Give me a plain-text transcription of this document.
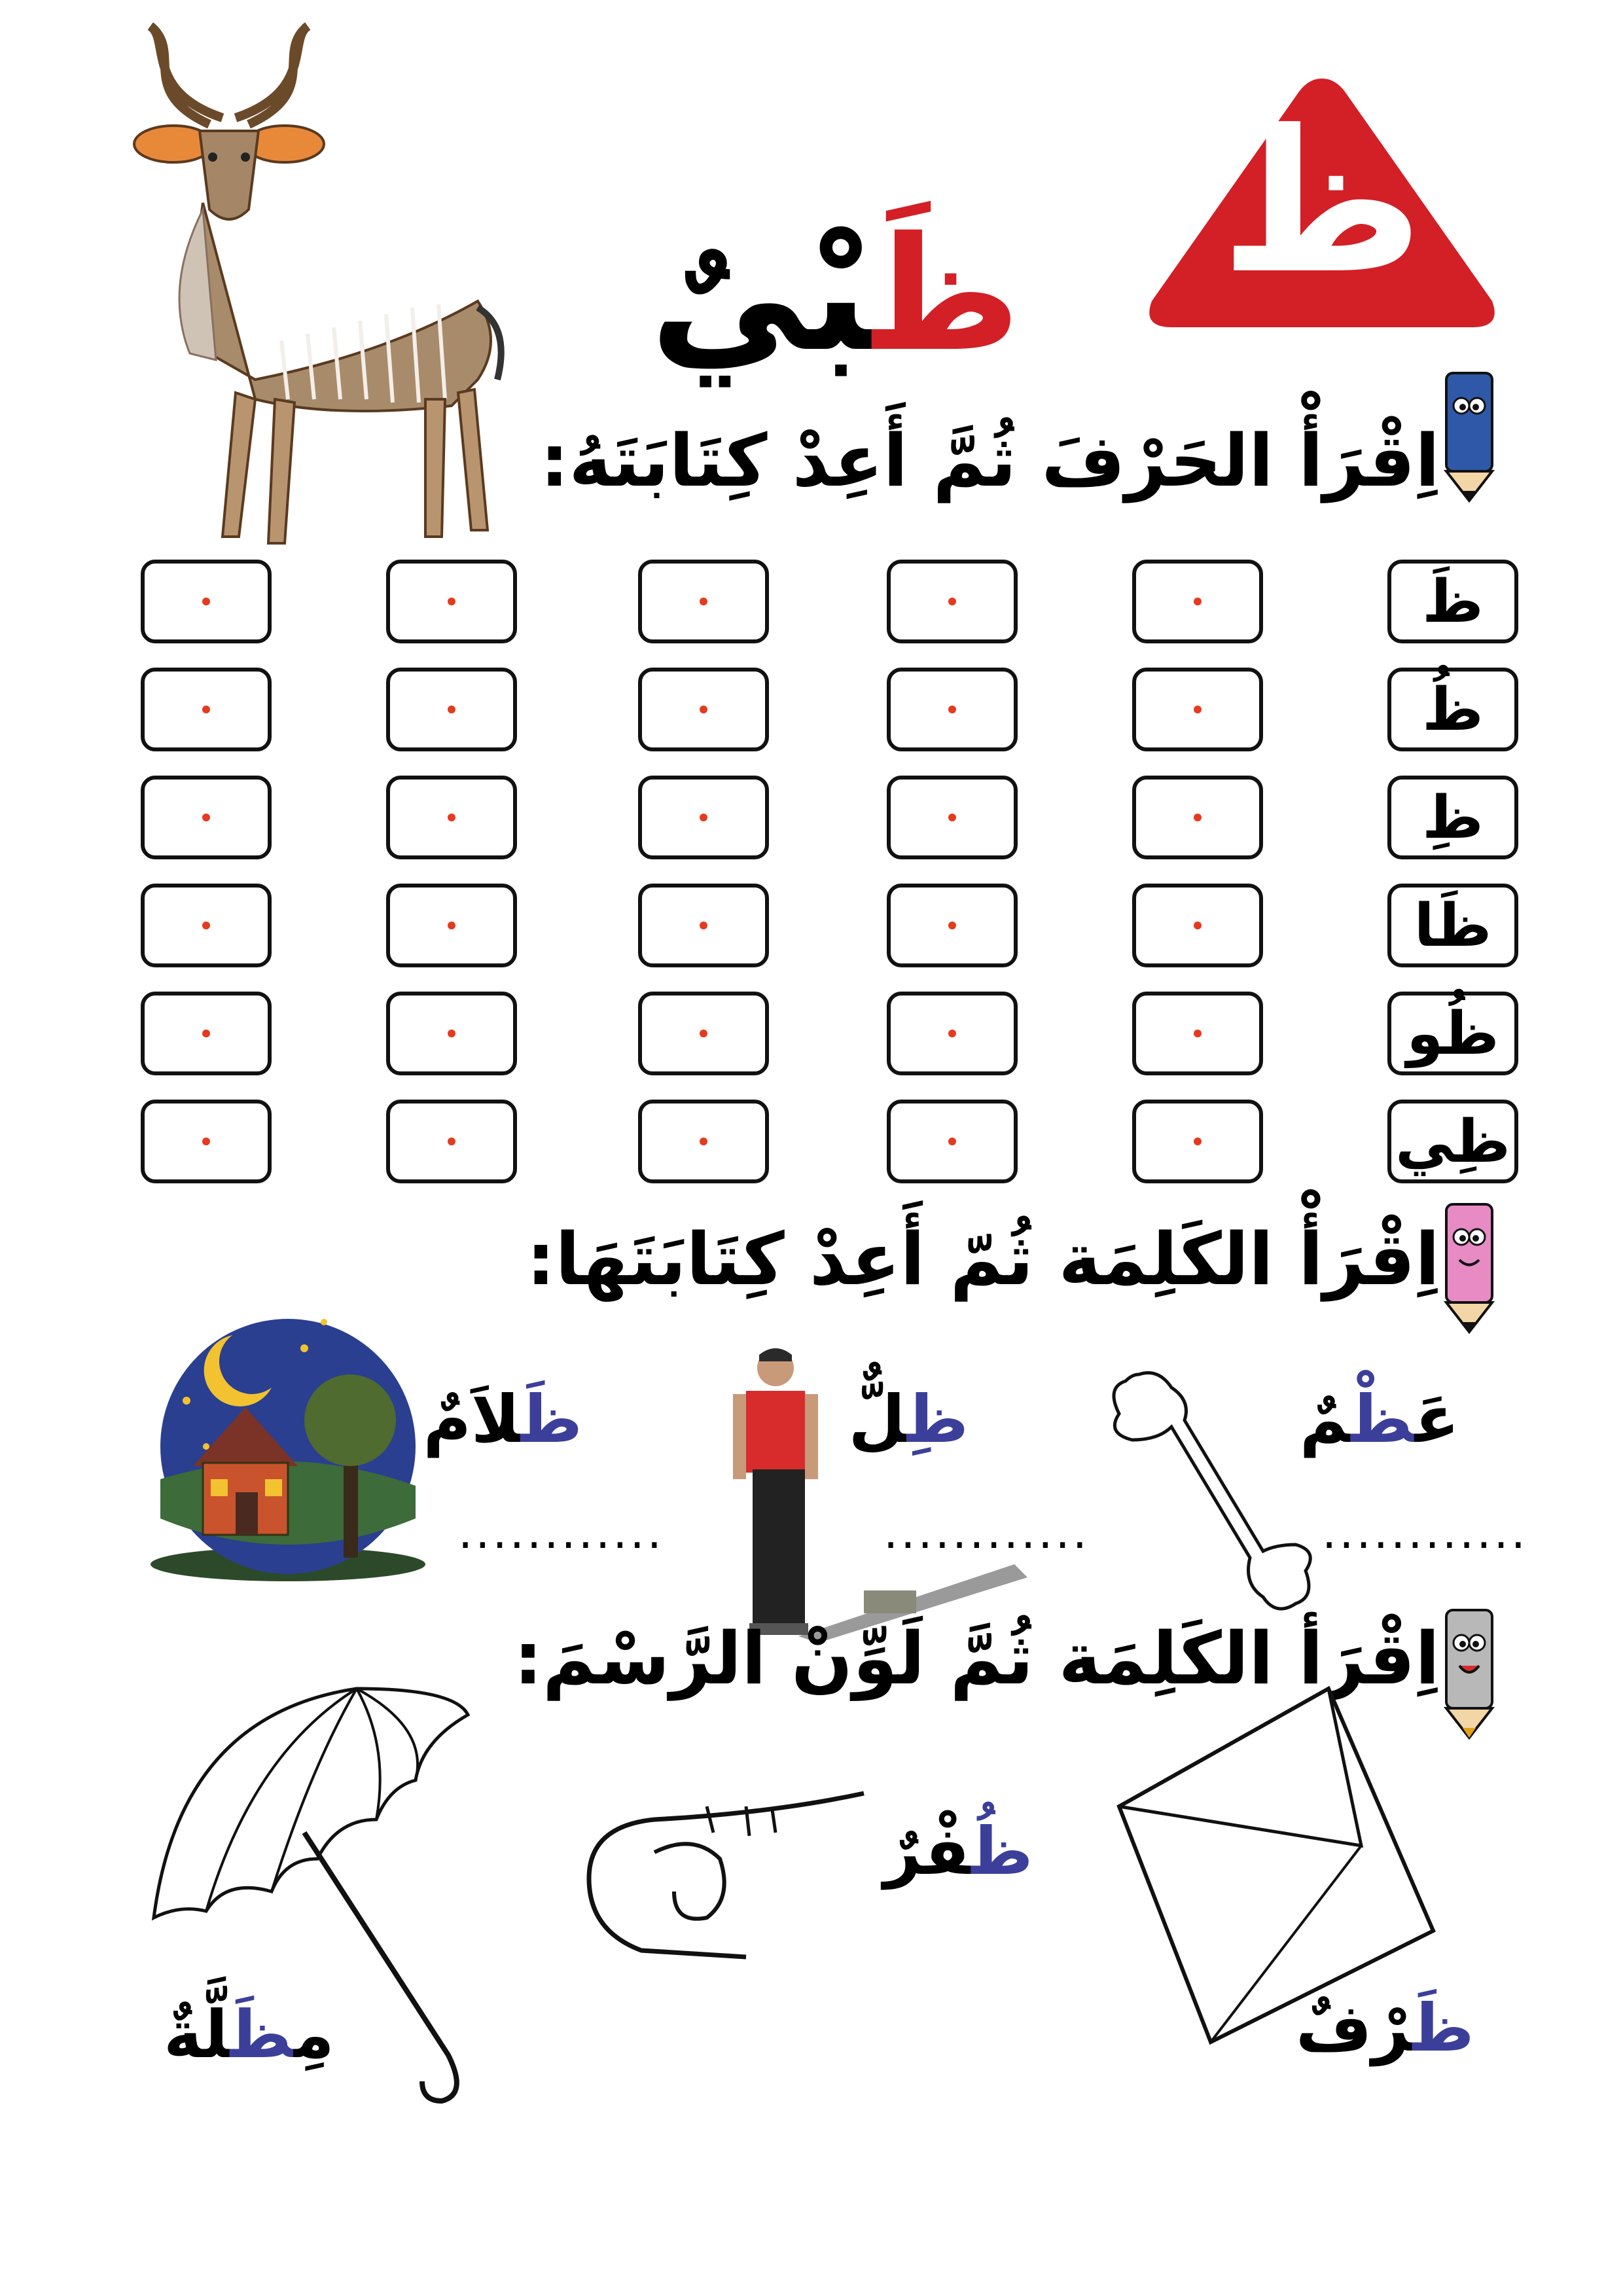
ظ
ظَبْيٌ
اِقْرَأْ الحَرْفَ ثُمَّ أَعِدْ كِتَابَتَهُ:
ظَ
ظُ
ظِ
ظَا
ظُو
ظِي
اِقْرَأْ الكَلِمَة ثُمّ أَعِدْ كِتَابَتَهَا:
عَظْمٌ
............
ظِلٌّ
............
ظَلاَمٌ
............
اِقْرَأ الكَلِمَة ثُمَّ لَوِّنْ الرَّسْمَ:
مِظَلَّةٌ
ظُفْرٌ
ظَرْفٌ
